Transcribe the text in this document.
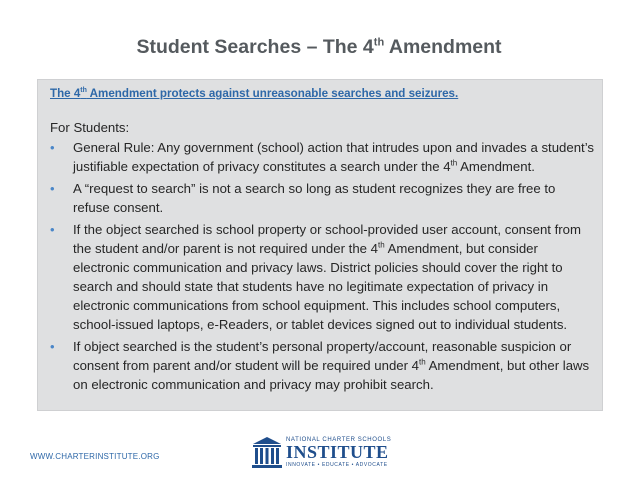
Student Searches – The 4th Amendment
The 4th Amendment protects against unreasonable searches and seizures.
For Students:
• General Rule: Any government (school) action that intrudes upon and invades a student’s justifiable expectation of privacy constitutes a search under the 4th Amendment.
• A “request to search” is not a search so long as student recognizes they are free to refuse consent.
• If the object searched is school property or school-provided user account, consent from the student and/or parent is not required under the 4th Amendment, but consider electronic communication and privacy laws. District policies should cover the right to search and should state that students have no legitimate expectation of privacy in electronic communications from school equipment. This includes school computers, school-issued laptops, e-Readers, or tablet devices signed out to individual students.
• If object searched is the student’s personal property/account, reasonable suspicion or consent from parent and/or student will be required under 4th Amendment, but other laws on electronic communication and privacy may prohibit search.
WWW.CHARTERINSTITUTE.ORG
NATIONAL CHARTER SCHOOLS
INSTITUTE
INNOVATE • EDUCATE • ADVOCATE
